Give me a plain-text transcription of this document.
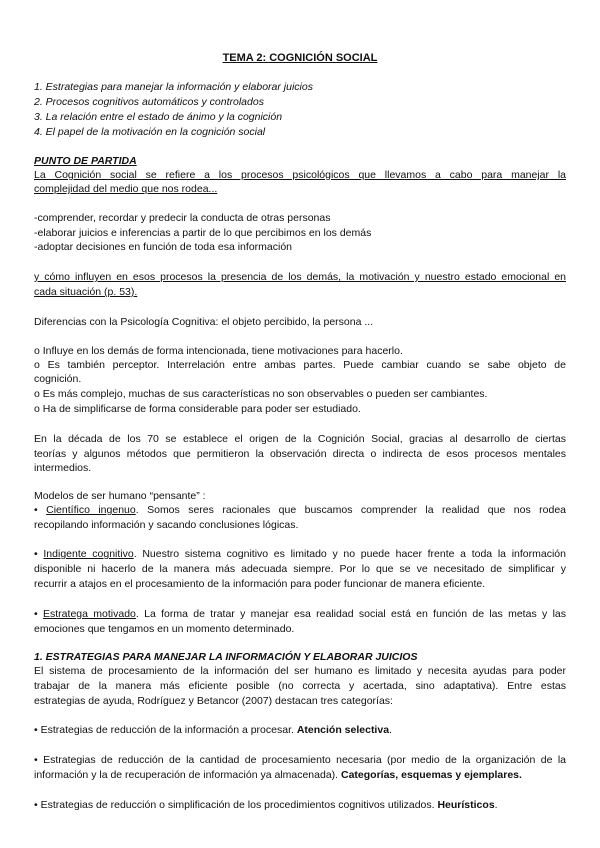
TEMA 2: COGNICIÓN SOCIAL
1. Estrategias para manejar la información y elaborar juicios
2. Procesos cognitivos automáticos y controlados
3. La relación entre el estado de ánimo y la cognición
4. El papel de la motivación en la cognición social
PUNTO DE PARTIDA
La Cognición social se refiere a los procesos psicológicos que llevamos a cabo para manejar la
complejidad del medio que nos rodea...
-comprender, recordar y predecir la conducta de otras personas
-elaborar juicios e inferencias a partir de lo que percibimos en los demás
-adoptar decisiones en función de toda esa información
y cómo influyen en esos procesos la presencia de los demás, la motivación y nuestro estado emocional en
cada situación (p. 53).
Diferencias con la Psicología Cognitiva: el objeto percibido, la persona ...
o Influye en los demás de forma intencionada, tiene motivaciones para hacerlo.
o Es también perceptor. Interrelación entre ambas partes. Puede cambiar cuando se sabe objeto de
cognición.
o Es más complejo, muchas de sus características no son observables o pueden ser cambiantes.
o Ha de simplificarse de forma considerable para poder ser estudiado.
En la década de los 70 se establece el origen de la Cognición Social, gracias al desarrollo de ciertas
teorías y algunos métodos que permitieron la observación directa o indirecta de esos procesos mentales
intermedios.
Modelos de ser humano “pensante” :
• Científico ingenuo. Somos seres racionales que buscamos comprender la realidad que nos rodea
recopilando información y sacando conclusiones lógicas.
• Indigente cognitivo. Nuestro sistema cognitivo es limitado y no puede hacer frente a toda la información
disponible ni hacerlo de la manera más adecuada siempre. Por lo que se ve necesitado de simplificar y
recurrir a atajos en el procesamiento de la información para poder funcionar de manera eficiente.
• Estratega motivado. La forma de tratar y manejar esa realidad social está en función de las metas y las
emociones que tengamos en un momento determinado.
1. ESTRATEGIAS PARA MANEJAR LA INFORMACIÓN Y ELABORAR JUICIOS
El sistema de procesamiento de la información del ser humano es limitado y necesita ayudas para poder
trabajar de la manera más eficiente posible (no correcta y acertada, sino adaptativa). Entre estas
estrategias de ayuda, Rodríguez y Betancor (2007) destacan tres categorías:
• Estrategias de reducción de la información a procesar. Atención selectiva.
• Estrategias de reducción de la cantidad de procesamiento necesaria (por medio de la organización de la
información y la de recuperación de información ya almacenada). Categorías, esquemas y ejemplares.
• Estrategias de reducción o simplificación de los procedimientos cognitivos utilizados. Heurísticos.
